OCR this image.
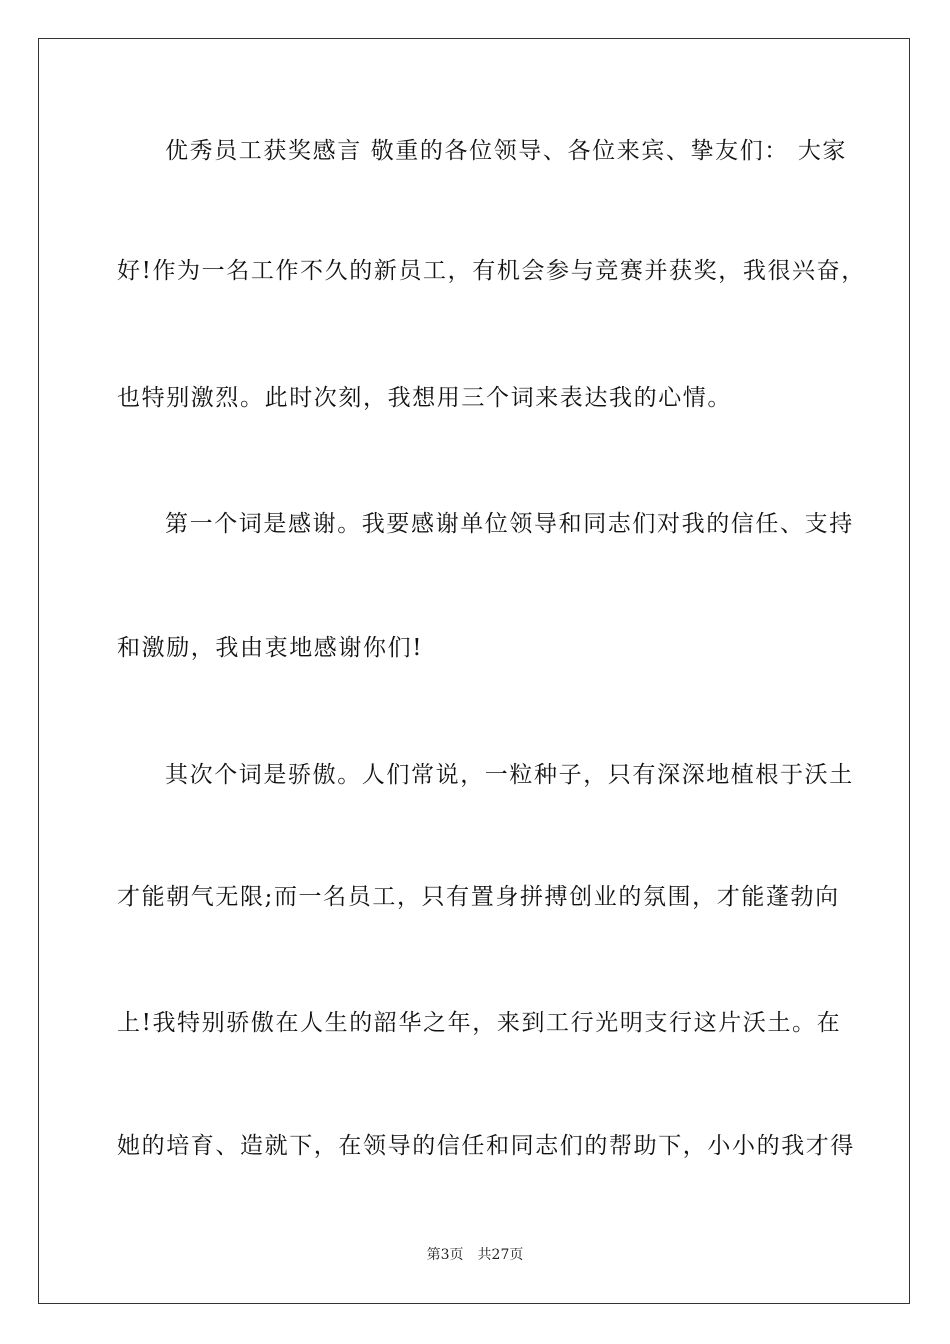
优秀员工获奖感言 敬重的各位领导、各位来宾、挚友们： 大家
好!作为一名工作不久的新员工，有机会参与竞赛并获奖，我很兴奋，
也特别激烈。此时次刻，我想用三个词来表达我的心情。
第一个词是感谢。我要感谢单位领导和同志们对我的信任、支持
和激励，我由衷地感谢你们!
其次个词是骄傲。人们常说，一粒种子，只有深深地植根于沃土
才能朝气无限;而一名员工，只有置身拼搏创业的氛围，才能蓬勃向
上!我特别骄傲在人生的韶华之年，来到工行光明支行这片沃土。在
她的培育、造就下，在领导的信任和同志们的帮助下，小小的我才得
第3页 共27页
